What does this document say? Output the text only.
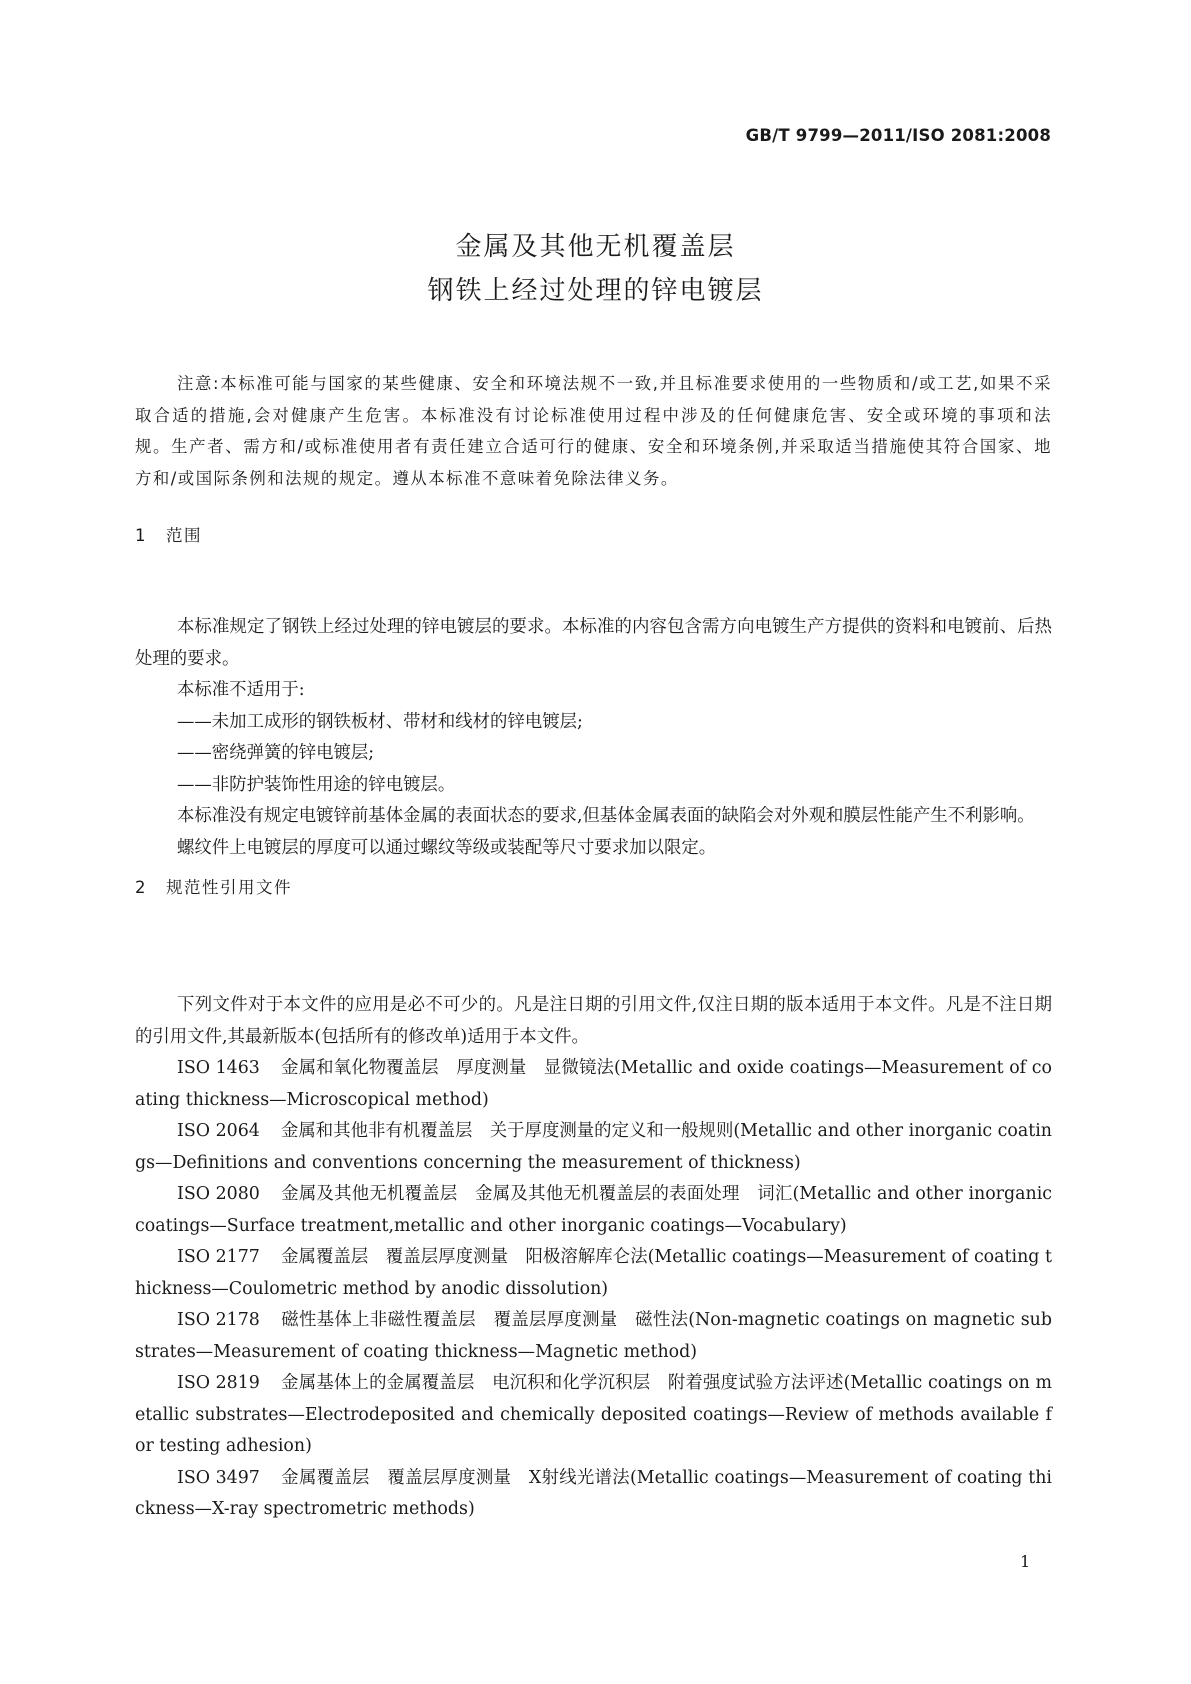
GB/T 9799—2011/ISO 2081:2008
金属及其他无机覆盖层
钢铁上经过处理的锌电镀层
注意:本标准可能与国家的某些健康、安全和环境法规不一致,并且标准要求使用的一些物质和/或工艺,如果不采取合适的措施,会对健康产生危害。本标准没有讨论标准使用过程中涉及的任何健康危害、安全或环境的事项和法规。生产者、需方和/或标准使用者有责任建立合适可行的健康、安全和环境条例,并采取适当措施使其符合国家、地方和/或国际条例和法规的规定。遵从本标准不意味着免除法律义务。
1 范围

本标准规定了钢铁上经过处理的锌电镀层的要求。本标准的内容包含需方向电镀生产方提供的资料和电镀前、后热处理的要求。

本标准不适用于:

——未加工成形的钢铁板材、带材和线材的锌电镀层;

——密绕弹簧的锌电镀层;

——非防护装饰性用途的锌电镀层。

本标准没有规定电镀锌前基体金属的表面状态的要求,但基体金属表面的缺陷会对外观和膜层性能产生不利影响。

螺纹件上电镀层的厚度可以通过螺纹等级或装配等尺寸要求加以限定。

2 规范性引用文件

下列文件对于本文件的应用是必不可少的。凡是注日期的引用文件,仅注日期的版本适用于本文件。凡是不注日期的引用文件,其最新版本(包括所有的修改单)适用于本文件。

ISO 1463 金属和氧化物覆盖层　厚度测量　显微镜法(Metallic and oxide coatings—Measurement of coating thickness—Microscopical method)

ISO 2064 金属和其他非有机覆盖层　关于厚度测量的定义和一般规则(Metallic and other inorganic coatings—Definitions and conventions concerning the measurement of thickness)

ISO 2080 金属及其他无机覆盖层　金属及其他无机覆盖层的表面处理　词汇(Metallic and other inorganic coatings—Surface treatment,metallic and other inorganic coatings—Vocabulary)

ISO 2177 金属覆盖层　覆盖层厚度测量　阳极溶解库仑法(Metallic coatings—Measurement of coating thickness—Coulometric method by anodic dissolution)

ISO 2178 磁性基体上非磁性覆盖层　覆盖层厚度测量　磁性法(Non-magnetic coatings on magnetic substrates—Measurement of coating thickness—Magnetic method)

ISO 2819 金属基体上的金属覆盖层　电沉积和化学沉积层　附着强度试验方法评述(Metallic coatings on metallic substrates—Electrodeposited and chemically deposited coatings—Review of methods available for testing adhesion)

ISO 3497 金属覆盖层　覆盖层厚度测量　X射线光谱法(Metallic coatings—Measurement of coating thickness—X-ray spectrometric methods)

1
